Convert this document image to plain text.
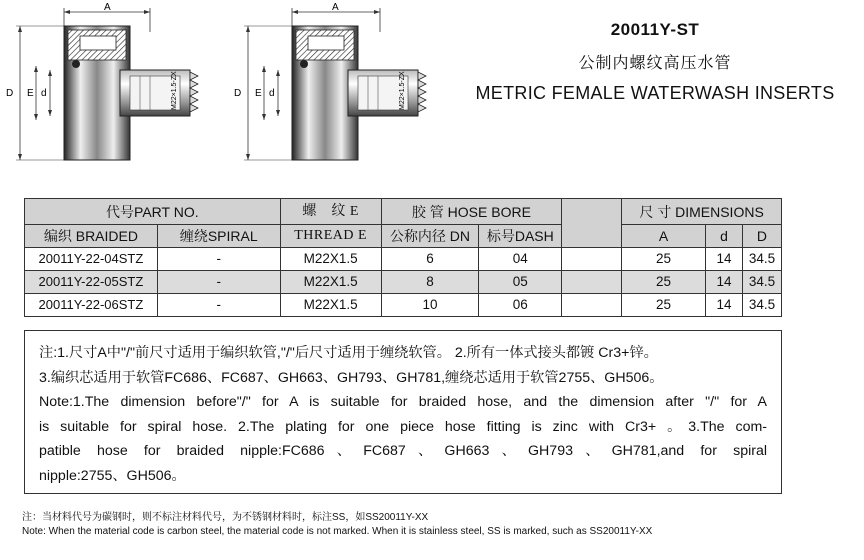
A
D E d	M22×1.5-ZX
A
D E d	M22×1.5-ZX
20011Y-ST
公制内螺纹高压水管
METRIC FEMALE WATERWASH INSERTS
代号PART NO.		螺　纹 E	胶 管 HOSE BORE			尺 寸 DIMENSIONS		
编织 BRAIDED	缠绕SPIRAL	THREAD E	公称内径 DN	标号DASH		A	d	D
20011Y-22-04STZ	-	M22X1.5	6	04		25	14	34.5
20011Y-22-05STZ	-	M22X1.5	8	05		25	14	34.5
20011Y-22-06STZ	-	M22X1.5	10	06		25	14	34.5

注:1.尺寸A中"/"前尺寸适用于编织软管,"/"后尺寸适用于缠绕软管。 2.所有一体式接头都镀 Cr3+锌。

3.编织芯适用于软管FC686、FC687、GH663、GH793、GH781,缠绕芯适用于软管2755、GH506。

Note:1.The dimension before"/" for A is suitable for braided hose, and the dimension after "/" for A

is suitable for spiral hose. 2.The plating for one piece hose fitting is zinc with Cr3+ 。3.The com-

patible hose for braided nipple:FC686、FC687、GH663、GH793、GH781,and for spiral

nipple:2755、GH506。

注：当材料代号为碳钢时，则不标注材料代号，为不锈钢材料时，标注SS，如SS20011Y-XX
Note: When the material code is carbon steel, the material code is not marked. When it is stainless steel, SS is marked, such as SS20011Y-XX
